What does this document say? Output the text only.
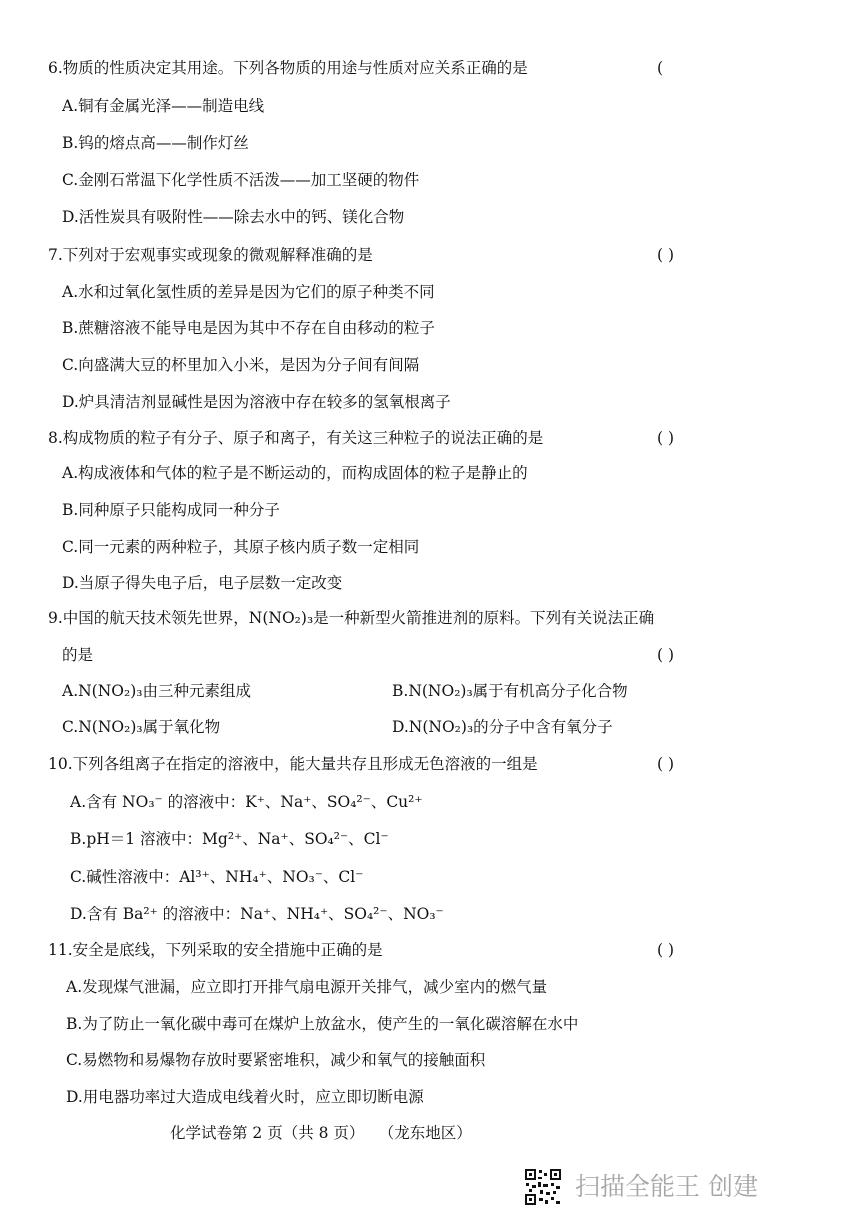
6.物质的性质决定其用途。下列各物质的用途与性质对应关系正确的是	(
A.铜有金属光泽——制造电线
B.钨的熔点高——制作灯丝
C.金刚石常温下化学性质不活泼——加工坚硬的物件
D.活性炭具有吸附性——除去水中的钙、镁化合物
7.下列对于宏观事实或现象的微观解释准确的是	( )
A.水和过氧化氢性质的差异是因为它们的原子种类不同
B.蔗糖溶液不能导电是因为其中不存在自由移动的粒子
C.向盛满大豆的杯里加入小米，是因为分子间有间隔
D.炉具清洁剂显碱性是因为溶液中存在较多的氢氧根离子
8.构成物质的粒子有分子、原子和离子，有关这三种粒子的说法正确的是	( )
A.构成液体和气体的粒子是不断运动的，而构成固体的粒子是静止的
B.同种原子只能构成同一种分子
C.同一元素的两种粒子，其原子核内质子数一定相同
D.当原子得失电子后，电子层数一定改变
9.中国的航天技术领先世界，N(NO₂)₃是一种新型火箭推进剂的原料。下列有关说法正确
的是	( )
A.N(NO₂)₃由三种元素组成	B.N(NO₂)₃属于有机高分子化合物
C.N(NO₂)₃属于氧化物	D.N(NO₂)₃的分子中含有氧分子
10.下列各组离子在指定的溶液中，能大量共存且形成无色溶液的一组是	( )
A.含有 NO₃⁻ 的溶液中：K⁺、Na⁺、SO₄²⁻、Cu²⁺
B.pH＝1 溶液中：Mg²⁺、Na⁺、SO₄²⁻、Cl⁻
C.碱性溶液中：Al³⁺、NH₄⁺、NO₃⁻、Cl⁻
D.含有 Ba²⁺ 的溶液中：Na⁺、NH₄⁺、SO₄²⁻、NO₃⁻
11.安全是底线，下列采取的安全措施中正确的是	( )
A.发现煤气泄漏，应立即打开排气扇电源开关排气，减少室内的燃气量
B.为了防止一氧化碳中毒可在煤炉上放盆水，使产生的一氧化碳溶解在水中
C.易燃物和易爆物存放时要紧密堆积，减少和氧气的接触面积
D.用电器功率过大造成电线着火时，应立即切断电源
化学试卷第 2 页（共 8 页） （龙东地区）
扫描全能王 创建
